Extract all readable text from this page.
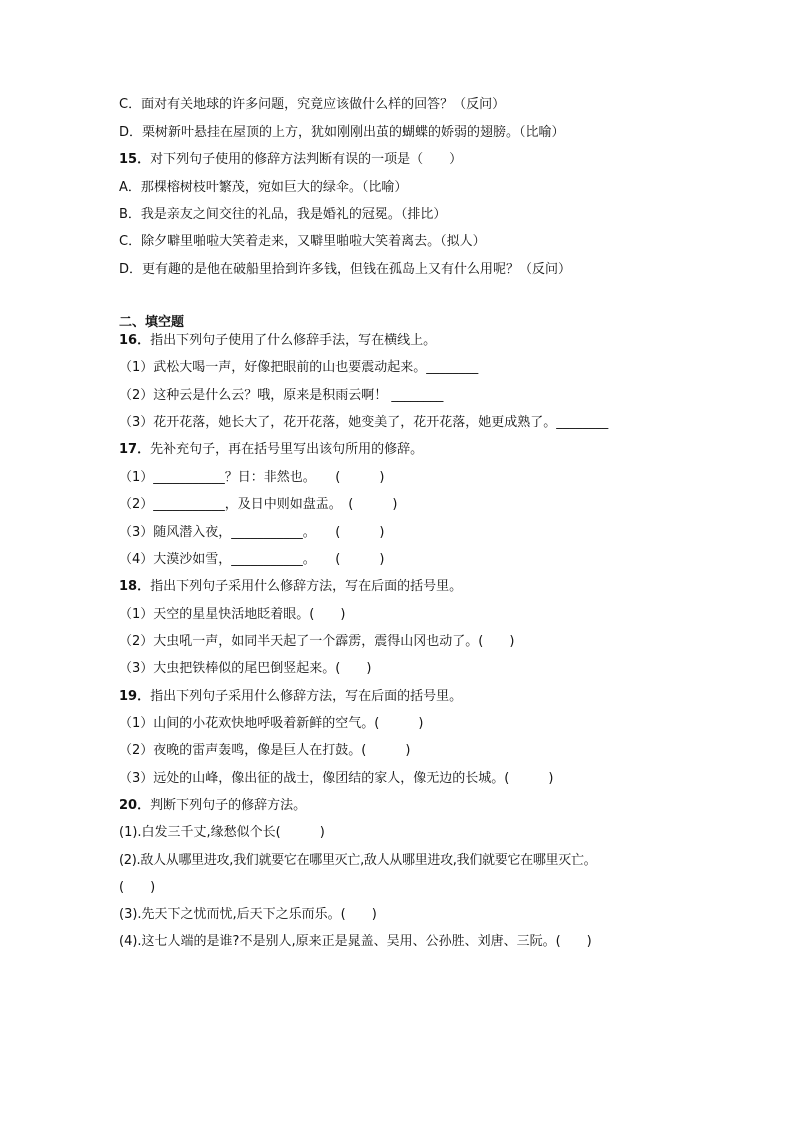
C．面对有关地球的许多问题，究竟应该做什么样的回答？（反问）
D．栗树新叶悬挂在屋顶的上方，犹如刚刚出茧的蝴蝶的娇弱的翅膀。（比喻）
15．对下列句子使用的修辞方法判断有误的一项是（　　）
A．那棵榕树枝叶繁茂，宛如巨大的绿伞。（比喻）
B．我是亲友之间交往的礼品，我是婚礼的冠冕。（排比）
C．除夕噼里啪啦大笑着走来，又噼里啪啦大笑着离去。（拟人）
D．更有趣的是他在破船里拾到许多钱，但钱在孤岛上又有什么用呢？（反问）
二、填空题
16．指出下列句子使用了什么修辞手法，写在横线上。
（1）武松大喝一声，好像把眼前的山也要震动起来。________
（2）这种云是什么云？哦，原来是积雨云啊！ ________
（3）花开花落，她长大了，花开花落，她变美了，花开花落，她更成熟了。________
17．先补充句子，再在括号里写出该句所用的修辞。
（1）___________？日：非然也。　　(　　　)
（2）___________，及日中则如盘盂。　(　　　)
（3）随风潜入夜，___________。　　(　　　)
（4）大漠沙如雪，___________。　　(　　　)
18．指出下列句子采用什么修辞方法，写在后面的括号里。
（1）天空的星星快活地眨着眼。(　　)
（2）大虫吼一声，如同半天起了一个霹雳，震得山冈也动了。(　　)
（3）大虫把铁棒似的尾巴倒竖起来。(　　)
19．指出下列句子采用什么修辞方法，写在后面的括号里。
（1）山间的小花欢快地呼吸着新鲜的空气。(　　　)
（2）夜晚的雷声轰鸣，像是巨人在打鼓。(　　　)
（3）远处的山峰，像出征的战士，像团结的家人，像无边的长城。(　　　)
20．判断下列句子的修辞方法。
(1).白发三千丈,缘愁似个长(　　　)
(2).敌人从哪里进攻,我们就要它在哪里灭亡,敌人从哪里进攻,我们就要它在哪里灭亡。
(　　)
(3).先天下之忧而忧,后天下之乐而乐。(　　)
(4).这七人端的是谁?不是别人,原来正是晁盖、吴用、公孙胜、刘唐、三阮。(　　)
